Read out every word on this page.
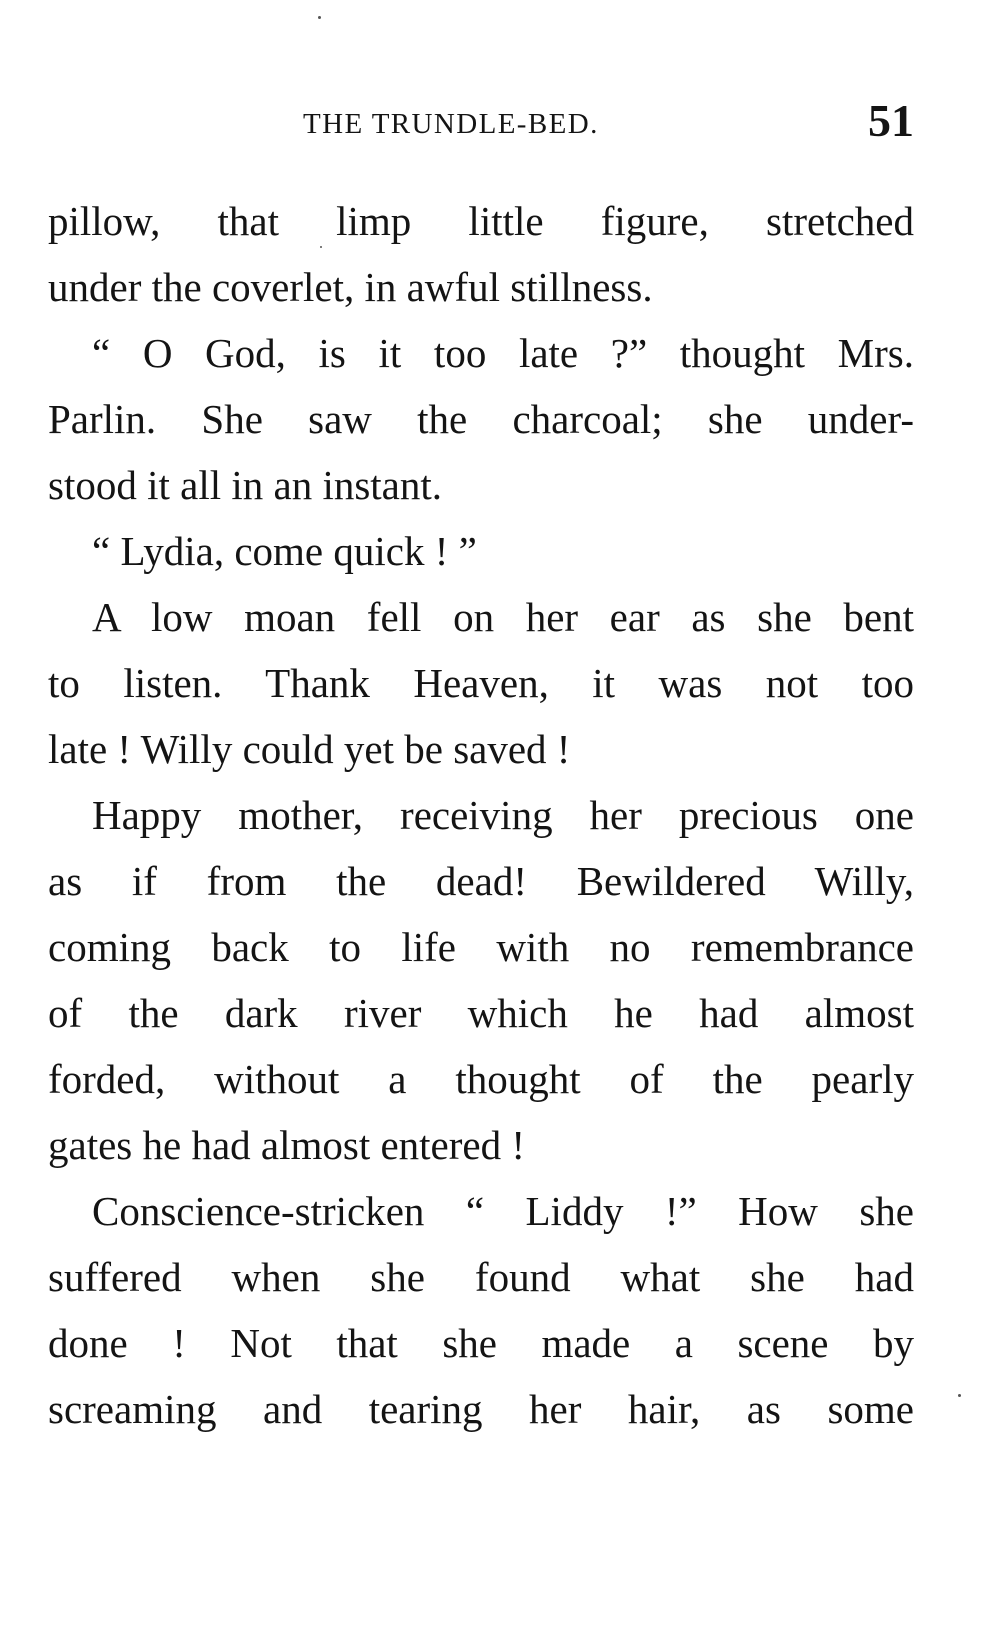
THE TRUNDLE-BED.	51
pillow, that limp little figure, stretched
under the coverlet, in awful stillness.
“ O God, is it too late ?” thought Mrs.
Parlin. She saw the charcoal; she under-
stood it all in an instant.
“ Lydia, come quick ! ”
A low moan fell on her ear as she bent
to listen. Thank Heaven, it was not too
late ! Willy could yet be saved !
Happy mother, receiving her precious one
as if from the dead! Bewildered Willy,
coming back to life with no remembrance
of the dark river which he had almost
forded, without a thought of the pearly
gates he had almost entered !
Conscience-stricken “ Liddy !” How she
suffered when she found what she had
done ! Not that she made a scene by
screaming and tearing her hair, as some
